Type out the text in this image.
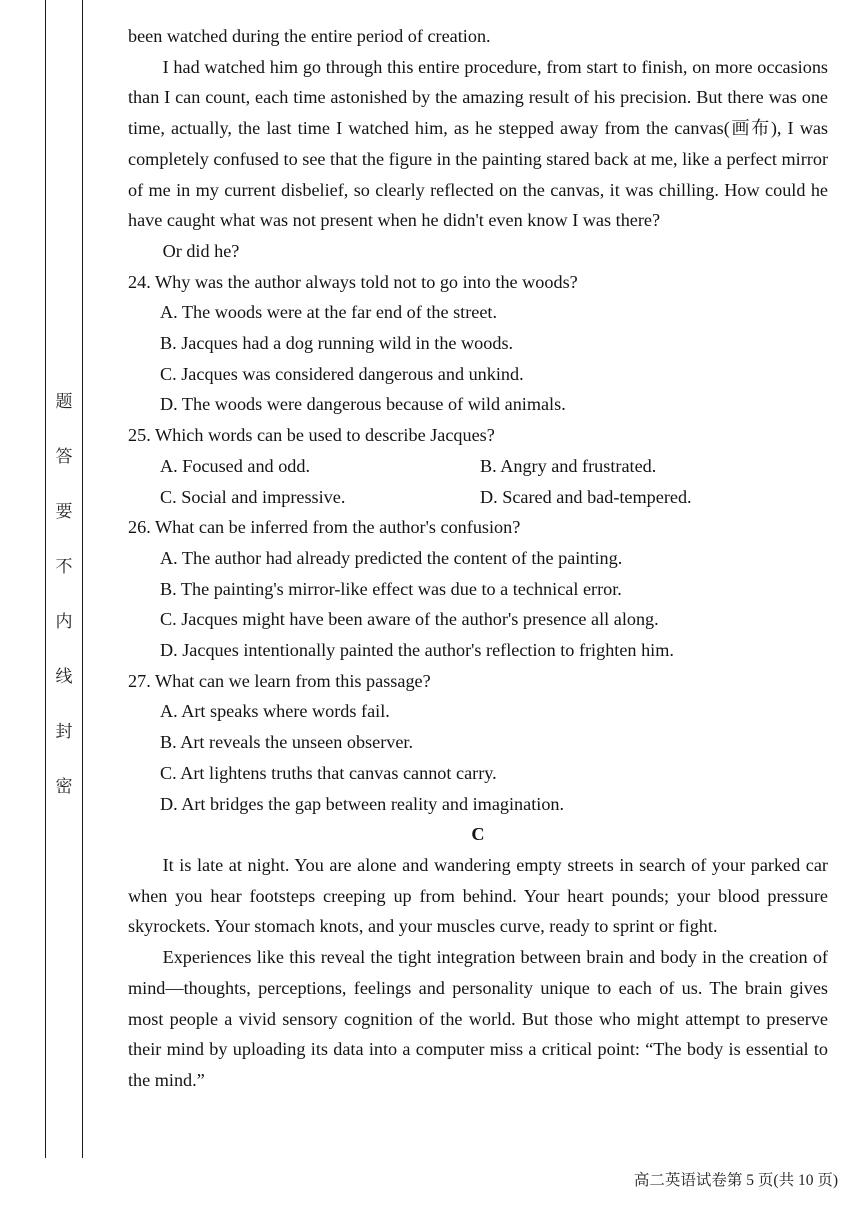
题
答
要
不
内
线
封
密

been watched during the entire period of creation.

I had watched him go through this entire procedure, from start to finish, on more occasions than I can count, each time astonished by the amazing result of his precision. But there was one time, actually, the last time I watched him, as he stepped away from the canvas(画布), I was completely confused to see that the figure in the painting stared back at me, like a perfect mirror of me in my current disbelief, so clearly reflected on the canvas, it was chilling. How could he have caught what was not present when he didn't even know I was there?

Or did he?

24. Why was the author always told not to go into the woods?

A. The woods were at the far end of the street.

B. Jacques had a dog running wild in the woods.

C. Jacques was considered dangerous and unkind.

D. The woods were dangerous because of wild animals.

25. Which words can be used to describe Jacques?

A. Focused and odd.	B. Angry and frustrated.
C. Social and impressive.	D. Scared and bad-tempered.

26. What can be inferred from the author's confusion?

A. The author had already predicted the content of the painting.

B. The painting's mirror-like effect was due to a technical error.

C. Jacques might have been aware of the author's presence all along.

D. Jacques intentionally painted the author's reflection to frighten him.

27. What can we learn from this passage?

A. Art speaks where words fail.

B. Art reveals the unseen observer.

C. Art lightens truths that canvas cannot carry.

D. Art bridges the gap between reality and imagination.

C

It is late at night. You are alone and wandering empty streets in search of your parked car when you hear footsteps creeping up from behind. Your heart pounds; your blood pressure skyrockets. Your stomach knots, and your muscles curve, ready to sprint or fight.

Experiences like this reveal the tight integration between brain and body in the creation of mind—thoughts, perceptions, feelings and personality unique to each of us. The brain gives most people a vivid sensory cognition of the world. But those who might attempt to preserve their mind by uploading its data into a computer miss a critical point: “The body is essential to the mind.”

高二英语试卷第 5 页(共 10 页)
